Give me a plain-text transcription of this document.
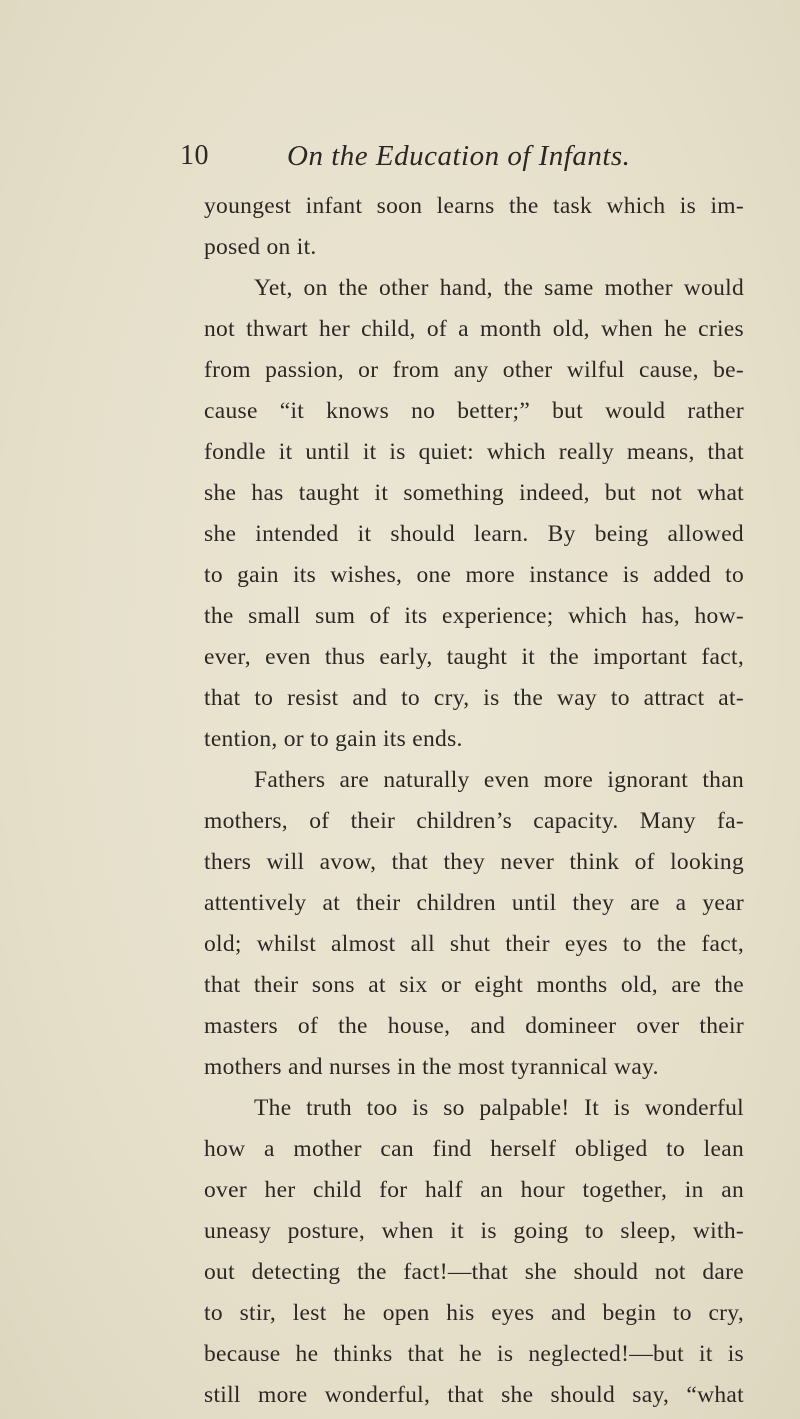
10	On the Education of Infants.
youngest infant soon learns the task which is im-
posed on it.
Yet, on the other hand, the same mother would
not thwart her child, of a month old, when he cries
from passion, or from any other wilful cause, be-
cause “it knows no better;” but would rather
fondle it until it is quiet: which really means, that
she has taught it something indeed, but not what
she intended it should learn. By being allowed
to gain its wishes, one more instance is added to
the small sum of its experience; which has, how-
ever, even thus early, taught it the important fact,
that to resist and to cry, is the way to attract at-
tention, or to gain its ends.
Fathers are naturally even more ignorant than
mothers, of their children’s capacity. Many fa-
thers will avow, that they never think of looking
attentively at their children until they are a year
old; whilst almost all shut their eyes to the fact,
that their sons at six or eight months old, are the
masters of the house, and domineer over their
mothers and nurses in the most tyrannical way.
The truth too is so palpable! It is wonderful
how a mother can find herself obliged to lean
over her child for half an hour together, in an
uneasy posture, when it is going to sleep, with-
out detecting the fact!—that she should not dare
to stir, lest he open his eyes and begin to cry,
because he thinks that he is neglected!—but it is
still more wonderful, that she should say, “what
